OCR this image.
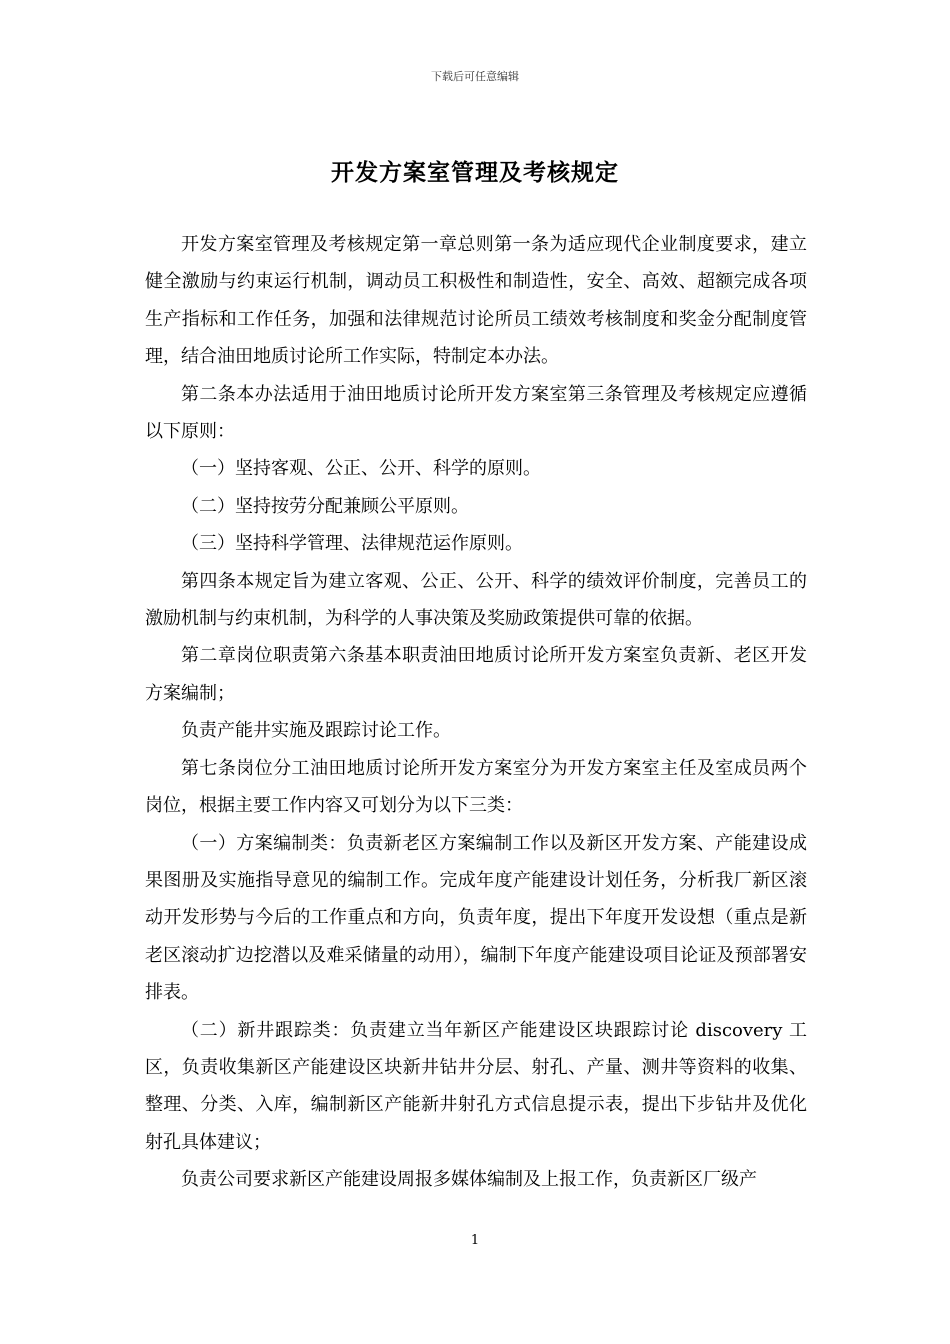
下载后可任意编辑
开发方案室管理及考核规定

开发方案室管理及考核规定第一章总则第一条为适应现代企业制度要求，建立健全激励与约束运行机制，调动员工积极性和制造性，安全、高效、超额完成各项生产指标和工作任务，加强和法律规范讨论所员工绩效考核制度和奖金分配制度管理，结合油田地质讨论所工作实际，特制定本办法。

第二条本办法适用于油田地质讨论所开发方案室第三条管理及考核规定应遵循以下原则：

（一）坚持客观、公正、公开、科学的原则。

（二）坚持按劳分配兼顾公平原则。

（三）坚持科学管理、法律规范运作原则。

第四条本规定旨为建立客观、公正、公开、科学的绩效评价制度，完善员工的激励机制与约束机制，为科学的人事决策及奖励政策提供可靠的依据。

第二章岗位职责第六条基本职责油田地质讨论所开发方案室负责新、老区开发方案编制；

负责产能井实施及跟踪讨论工作。

第七条岗位分工油田地质讨论所开发方案室分为开发方案室主任及室成员两个岗位，根据主要工作内容又可划分为以下三类：

（一）方案编制类：负责新老区方案编制工作以及新区开发方案、产能建设成果图册及实施指导意见的编制工作。完成年度产能建设计划任务，分析我厂新区滚动开发形势与今后的工作重点和方向，负责年度，提出下年度开发设想（重点是新老区滚动扩边挖潜以及难采储量的动用），编制下年度产能建设项目论证及预部署安排表。

（二）新井跟踪类：负责建立当年新区产能建设区块跟踪讨论 discovery 工区，负责收集新区产能建设区块新井钻井分层、射孔、产量、测井等资料的收集、整理、分类、入库，编制新区产能新井射孔方式信息提示表，提出下步钻井及优化射孔具体建议；

负责公司要求新区产能建设周报多媒体编制及上报工作，负责新区厂级产

1
